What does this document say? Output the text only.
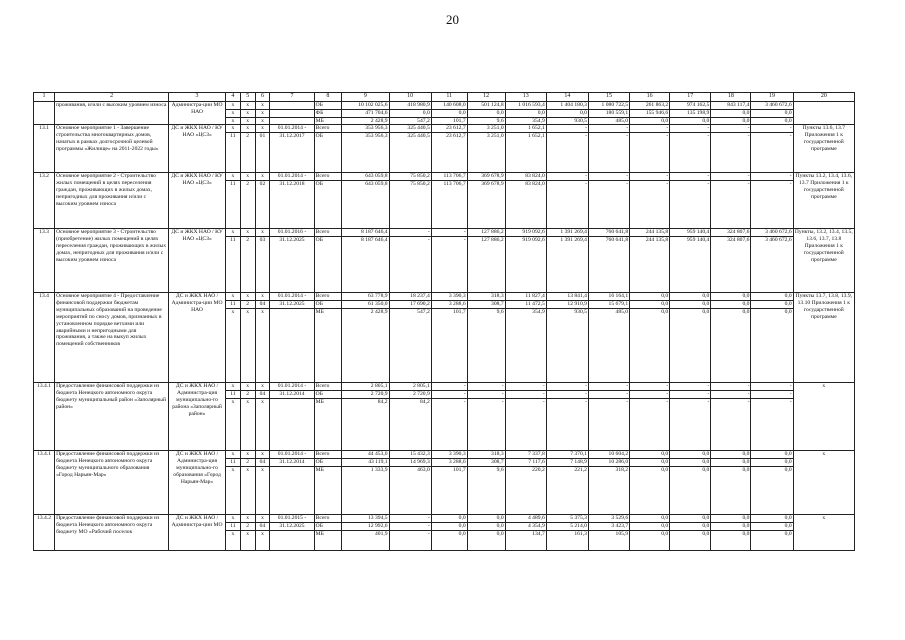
20
1	2	3	4	5	6	7	8	9	10	11	12	13	14	15	16	17	18	19	20
	проживания, и/или с высоким уровнем износа	Администра-ции МО НАО	x	x	x		ОБ	10 102 025,6	418 980,9	140 608,0	501 124,8	1 016 593,4	1 404 180,3	1 080 722,5	261 863,2	974 162,5	843 117,4	3 460 672,6	
			x	x	x		ФБ	471 704,6	0,0	0,0	0,0	0,0	0,0	180 559,1	155 946,6	135 198,9	0,0	0,0	
			x	x	x		МБ	2 428,9	547,2	101,7	9,6	354,9	930,5	485,0	0,0	0,0	0,0	0,0	
13.1	Основное мероприятие 1 - Завершение строительства многоквартирных домов, начатых в рамках долгосрочной целевой программы «Жилище» на 2011-2022 годы»	ДС и ЖКХ НАО / КУ НАО «ЦСЗ»	x	x	x	01.01.2014 -	Всего	353 956,3	325 440,5	23 612,7	3 251,0	1 652,1	-	-	-	-	-	-	Пункты 13.6, 13.7 Приложения 1 к государственной программе
			11	2	01	31.12.2017	ОБ	353 956,3	325 440,5	23 612,7	3 251,0	1 652,1	-	-	-	-	-	-	
13.2	Основное мероприятие 2 - Строительство жилых помещений в целях переселения граждан, проживающих в жилых домах, непригодных для проживания и/или с высоким уровнем износа	ДС и ЖКХ НАО / КУ НАО «ЦСЗ»	x	x	x	01.01.2014 -	Всего	643 059,8	75 850,2	113 706,7	369 678,9	83 824,0	-	-	-	-	-	-	Пункты 13.2, 13.4, 13.6, 13.7 Приложения 1 к государственной программе
			11	2	02	31.12.2018	ОБ	643 059,8	75 850,2	113 706,7	369 678,9	83 824,0	-	-	-	-	-	-	
13.3	Основное мероприятие 3 - Строительство (приобретение) жилых помещений в целях переселения граждан, проживающих в жилых домах, непригодных для проживания и/или с высоким уровнем износа	ДС и ЖКХ НАО / КУ НАО «ЦСЗ»	x	x	x	01.01.2016 -	Всего	8 187 646,4	-	-	127 886,2	919 092,6	1 391 269,4	760 641,8	244 135,8	959 140,4	324 807,6	3 460 672,6	Пункты, 13.2, 13.4, 13.5, 13.6, 13.7, 13.8 Приложения 1 к государственной программе
			11	2	03	31.12.2025	ОБ	8 187 646,4	-	-	127 886,2	919 092,6	1 391 269,4	760 641,8	244 135,8	959 140,4	324 807,6	3 460 672,6	
13.4	Основное мероприятие 4 - Предоставление финансовой поддержки бюджетам муниципальных образований на проведение мероприятий по сносу домов, признанных в установленном порядке ветхими или аварийными и непригодными для проживания, а также на выкуп жилых помещений собственников	ДС и ЖКХ НАО / Администра-ции МО НАО	x	x	x	01.01.2014 -	Всего	63 778,9	18 237,4	3 390,3	318,3	11 827,4	13 841,4	16 164,1	0,0	0,0	0,0	0,0	Пункты 13.7, 13.8, 13.9, 13.10 Приложения 1 к государственной программе
			11	2	04	31.12.2025	ОБ	61 350,0	17 690,2	3 288,6	308,7	11 472,5	12 910,9	15 679,1	0,0	0,0	0,0	0,0	
			x	x	x		МБ	2 428,9	547,2	101,7	9,6	354,9	930,5	485,0	0,0	0,0	0,0	0,0	
13.4.1	Предоставление финансовой поддержки из бюджета Ненецкого автономного округа бюджету муниципальный район «Заполярный район»	ДС и ЖКХ НАО / Администра-ция муниципально-го района «Заполярный район»	x	x	x	01.01.2014 -	Всего	2 805,1	2 805,1	-	-	-	-	-	-	-	-	-	x
			11	2	04	31.12.2014	ОБ	2 720,9	2 720,9	-	-	-	-	-	-	-	-	-	
			x	x	x		МБ	84,2	84,2	-	-	-	-	-	-	-	-	-	
13.4.1	Предоставление финансовой поддержки из бюджета Ненецкого автономного округа бюджету муниципального образования «Город Нарьян-Мар»	ДС и ЖКХ НАО / Администра-ция муниципально-го образования «Город Нарьян-Мар»	x	x	x	01.01.2014 -	Всего	44 453,0	15 432,3	3 390,3	318,3	7 337,8	7 370,1	10 604,2	0,0	0,0	0,0	0,0	x
			11	2	04	31.12.2014	ОБ	43 119,1	14 969,3	3 288,6	308,7	7 117,6	7 148,9	10 286,0	0,0	0,0	0,0	0,0	
			x	x	x		МБ	1 333,9	463,0	101,7	9,6	220,2	221,2	318,2	0,0	0,0	0,0	0,0	
13.4.2	Предоставление финансовой поддержки из бюджета Ненецкого автономного округа бюджету МО «Рабочий поселок	ДС и ЖКХ НАО / Администра-ции МО	x	x	x	01.01.2015 -	Всего	13 394,5	-	0,0	0,0	4 489,6	5 375,3	3 529,6	0,0	0,0	0,0	0,0	x
			11	2	04	31.12.2025	ОБ	12 992,6	-	0,0	0,0	4 354,9	5 214,0	3 423,7	0,0	0,0	0,0	0,0	
			x	x	x		МБ	401,9	-	0,0	0,0	134,7	161,3	105,9	0,0	0,0	0,0	0,0	
